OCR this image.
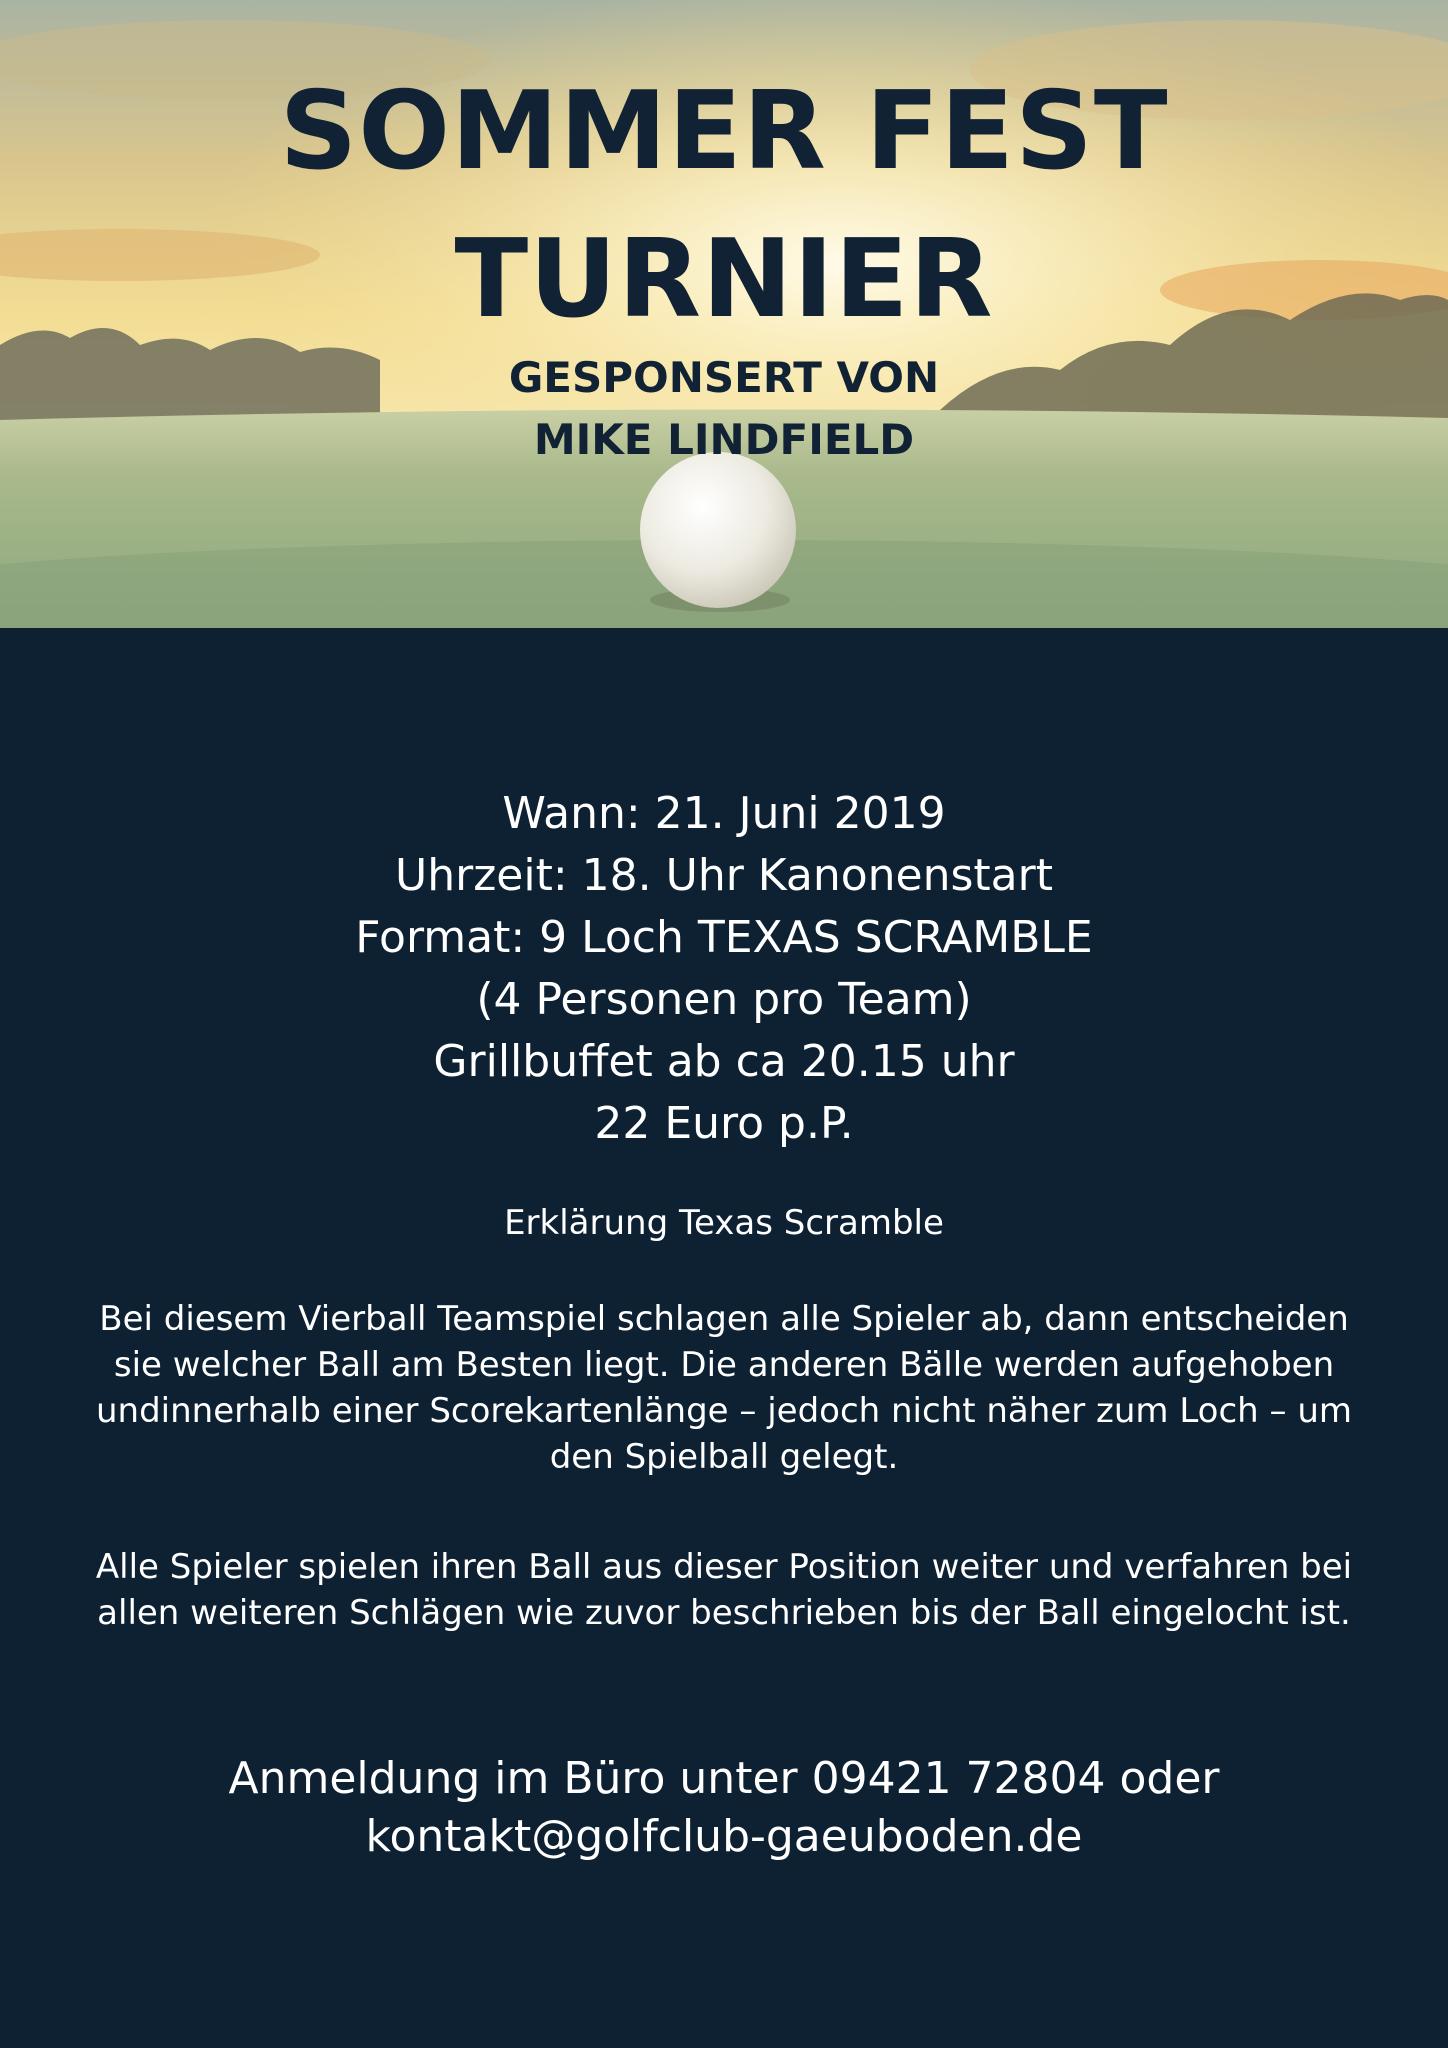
SOMMER FEST
TURNIER
GESPONSERT VON
MIKE LINDFIELD
Wann: 21. Juni 2019
Uhrzeit: 18. Uhr Kanonenstart
Format: 9 Loch TEXAS SCRAMBLE
(4 Personen pro Team)
Grillbuffet ab ca 20.15 uhr
22 Euro p.P.
Erklärung Texas Scramble
Bei diesem Vierball Teamspiel schlagen alle Spieler ab, dann entscheiden sie welcher Ball am Besten liegt. Die anderen Bälle werden aufgehoben undinnerhalb einer Scorekartenlänge – jedoch nicht näher zum Loch – um den Spielball gelegt.
Alle Spieler spielen ihren Ball aus dieser Position weiter und verfahren bei allen weiteren Schlägen wie zuvor beschrieben bis der Ball eingelocht ist.
Anmeldung im Büro unter 09421 72804 oder
kontakt@golfclub-gaeuboden.de
